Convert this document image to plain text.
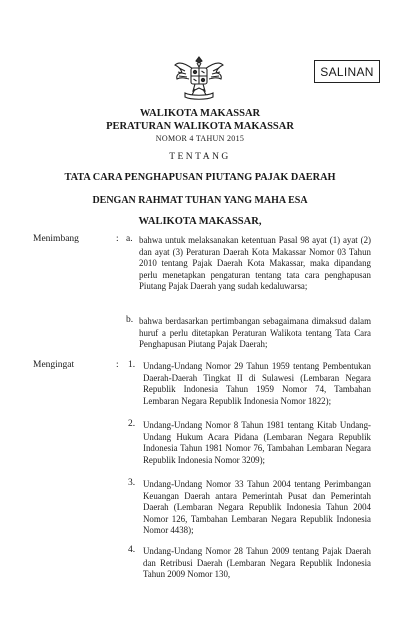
SALINAN
WALIKOTA MAKASSAR
PERATURAN WALIKOTA MAKASSAR
NOMOR 4 TAHUN 2015
TENTANG
TATA CARA PENGHAPUSAN PIUTANG PAJAK DAERAH
DENGAN RAHMAT TUHAN YANG MAHA ESA
WALIKOTA MAKASSAR,
Menimbang	: a. bahwa untuk melaksanakan ketentuan Pasal 98 ayat (1) ayat (2) dan ayat (3) Peraturan Daerah Kota Makassar Nomor 03 Tahun 2010 tentang Pajak Daerah Kota Makassar, maka dipandang perlu menetapkan pengaturan tentang tata cara penghapusan Piutang Pajak Daerah yang sudah kedaluwarsa;
b. bahwa berdasarkan pertimbangan sebagaimana dimaksud dalam huruf a perlu ditetapkan Peraturan Walikota tentang Tata Cara Penghapusan Piutang Pajak Daerah;
Mengingat	: 1. Undang-Undang Nomor 29 Tahun 1959 tentang Pembentukan Daerah-Daerah Tingkat II di Sulawesi (Lembaran Negara Republik Indonesia Tahun 1959 Nomor 74, Tambahan Lembaran Negara Republik Indonesia Nomor 1822);
2. Undang-Undang Nomor 8 Tahun 1981 tentang Kitab Undang-Undang Hukum Acara Pidana (Lembaran Negara Republik Indonesia Tahun 1981 Nomor 76, Tambahan Lembaran Negara Republik Indonesia Nomor 3209);
3. Undang-Undang Nomor 33 Tahun 2004 tentang Perimbangan Keuangan Daerah antara Pemerintah Pusat dan Pemerintah Daerah (Lembaran Negara Republik Indonesia Tahun 2004 Nomor 126, Tambahan Lembaran Negara Republik Indonesia Nomor 4438);
4. Undang-Undang Nomor 28 Tahun 2009 tentang Pajak Daerah dan Retribusi Daerah (Lembaran Negara Republik Indonesia Tahun 2009 Nomor 130,
